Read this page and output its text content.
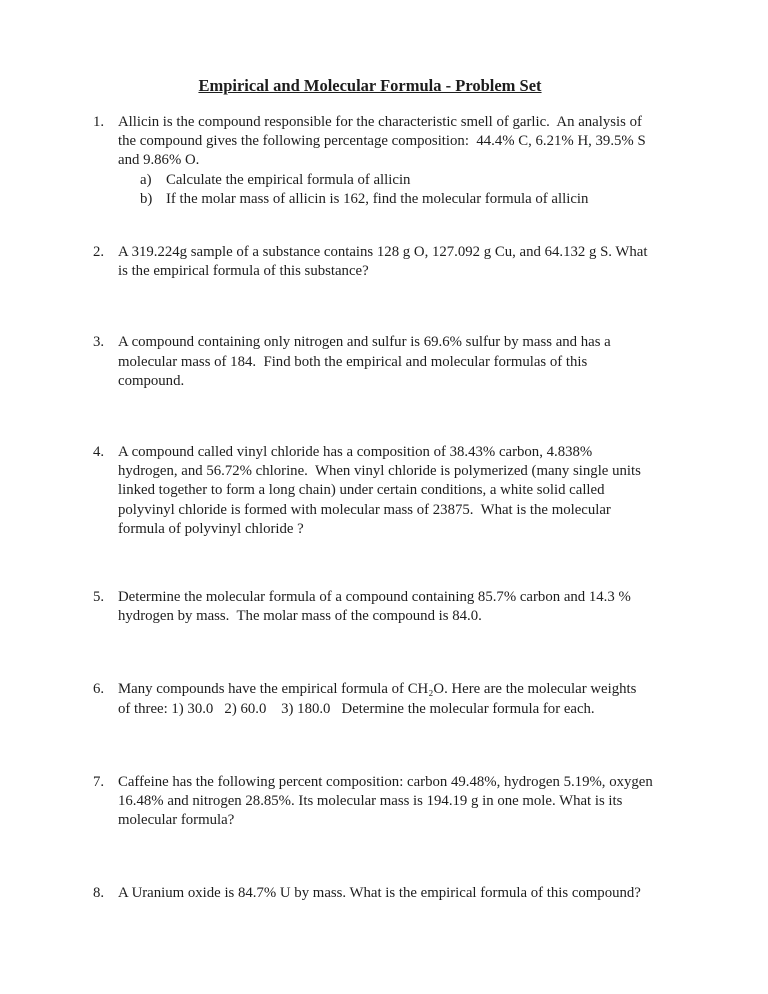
Empirical and Molecular Formula - Problem Set
1. Allicin is the compound responsible for the characteristic smell of garlic.  An analysis of
the compound gives the following percentage composition:  44.4% C, 6.21% H, 39.5% S
and 9.86% O.
a) Calculate the empirical formula of allicin
b) If the molar mass of allicin is 162, find the molecular formula of allicin
2. A 319.224g sample of a substance contains 128 g O, 127.092 g Cu, and 64.132 g S. What
is the empirical formula of this substance?
3. A compound containing only nitrogen and sulfur is 69.6% sulfur by mass and has a
molecular mass of 184.  Find both the empirical and molecular formulas of this
compound.
4. A compound called vinyl chloride has a composition of 38.43% carbon, 4.838%
hydrogen, and 56.72% chlorine.  When vinyl chloride is polymerized (many single units
linked together to form a long chain) under certain conditions, a white solid called
polyvinyl chloride is formed with molecular mass of 23875.  What is the molecular
formula of polyvinyl chloride ?
5. Determine the molecular formula of a compound containing 85.7% carbon and 14.3 %
hydrogen by mass.  The molar mass of the compound is 84.0.
6. Many compounds have the empirical formula of CH₂O. Here are the molecular weights
of three: 1) 30.0   2) 60.0    3) 180.0   Determine the molecular formula for each.
7. Caffeine has the following percent composition: carbon 49.48%, hydrogen 5.19%, oxygen
16.48% and nitrogen 28.85%. Its molecular mass is 194.19 g in one mole. What is its
molecular formula?
8. A Uranium oxide is 84.7% U by mass. What is the empirical formula of this compound?
